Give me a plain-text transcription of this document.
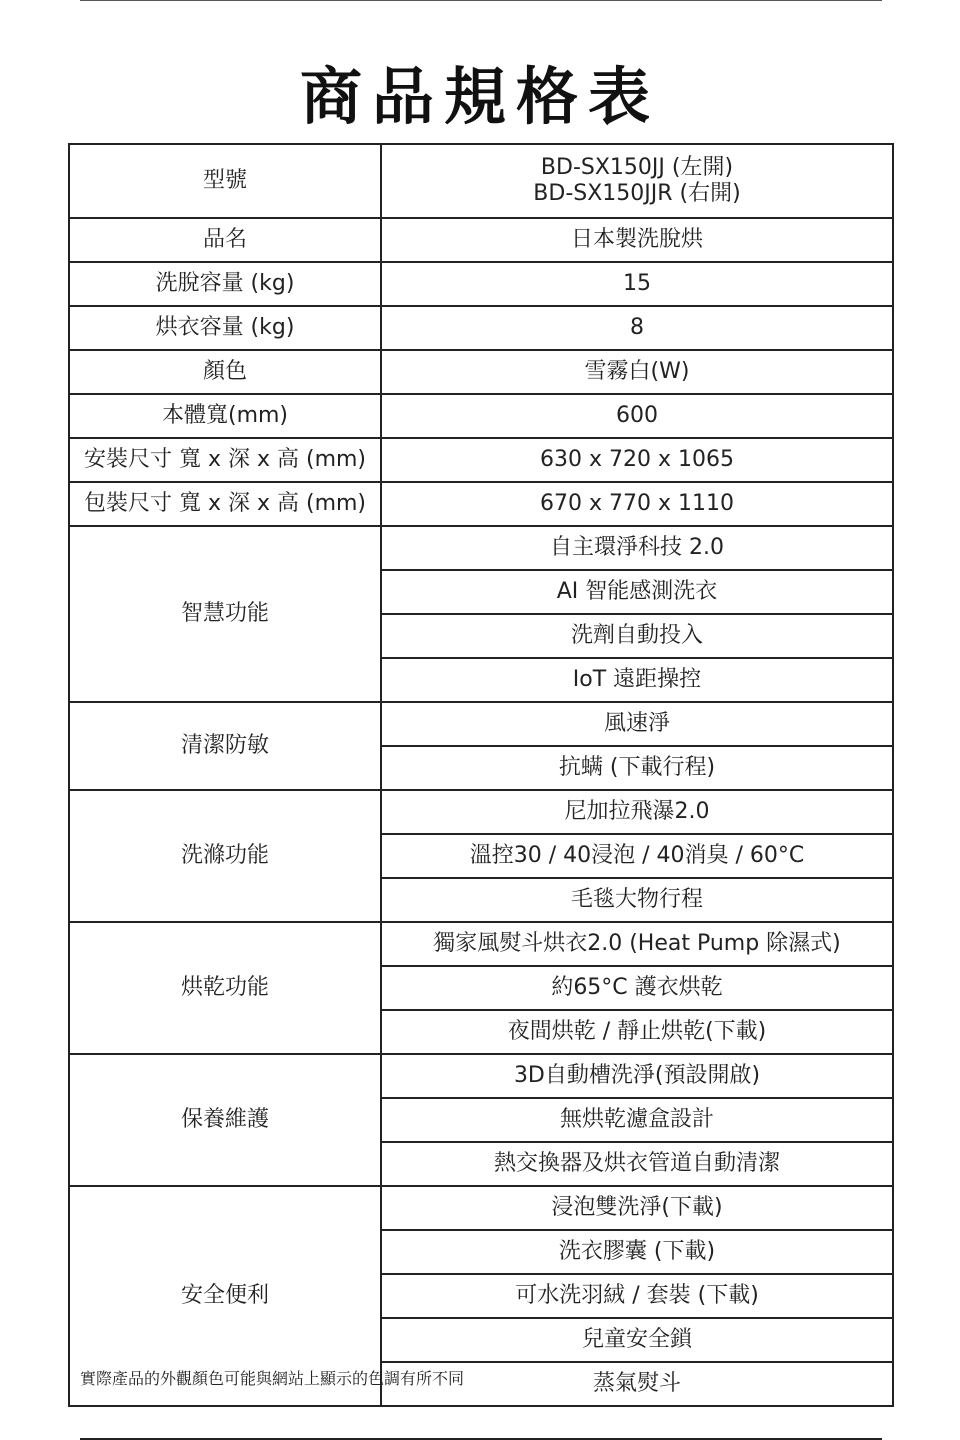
商品規格表
型號	BD-SX150JJ (左開)
BD-SX150JJR (右開)

品名	日本製洗脫烘
洗脫容量 (kg)	15
烘衣容量 (kg)	8
顏色	雪霧白(W)
本體寬(mm)	600
安裝尺寸 寬 x 深 x 高 (mm)	630 x 720 x 1065
包裝尺寸 寬 x 深 x 高 (mm)	670 x 770 x 1110
智慧功能	自主環淨科技 2.0
	AI 智能感測洗衣
	洗劑自動投入
	IoT 遠距操控
清潔防敏	風速淨
	抗螨 (下載行程)
洗滌功能	尼加拉飛瀑2.0
	溫控30 / 40浸泡 / 40消臭 / 60°C
	毛毯大物行程
烘乾功能	獨家風熨斗烘衣2.0 (Heat Pump 除濕式)
	約65°C 護衣烘乾
	夜間烘乾 / 靜止烘乾(下載)
保養維護	3D自動槽洗淨(預設開啟)
	無烘乾濾盒設計
	熱交換器及烘衣管道自動清潔
安全便利	浸泡雙洗淨(下載)
	洗衣膠囊 (下載)
	可水洗羽絨 / 套裝 (下載)
	兒童安全鎖
	蒸氣熨斗
實際產品的外觀顏色可能與網站上顯示的色調有所不同
